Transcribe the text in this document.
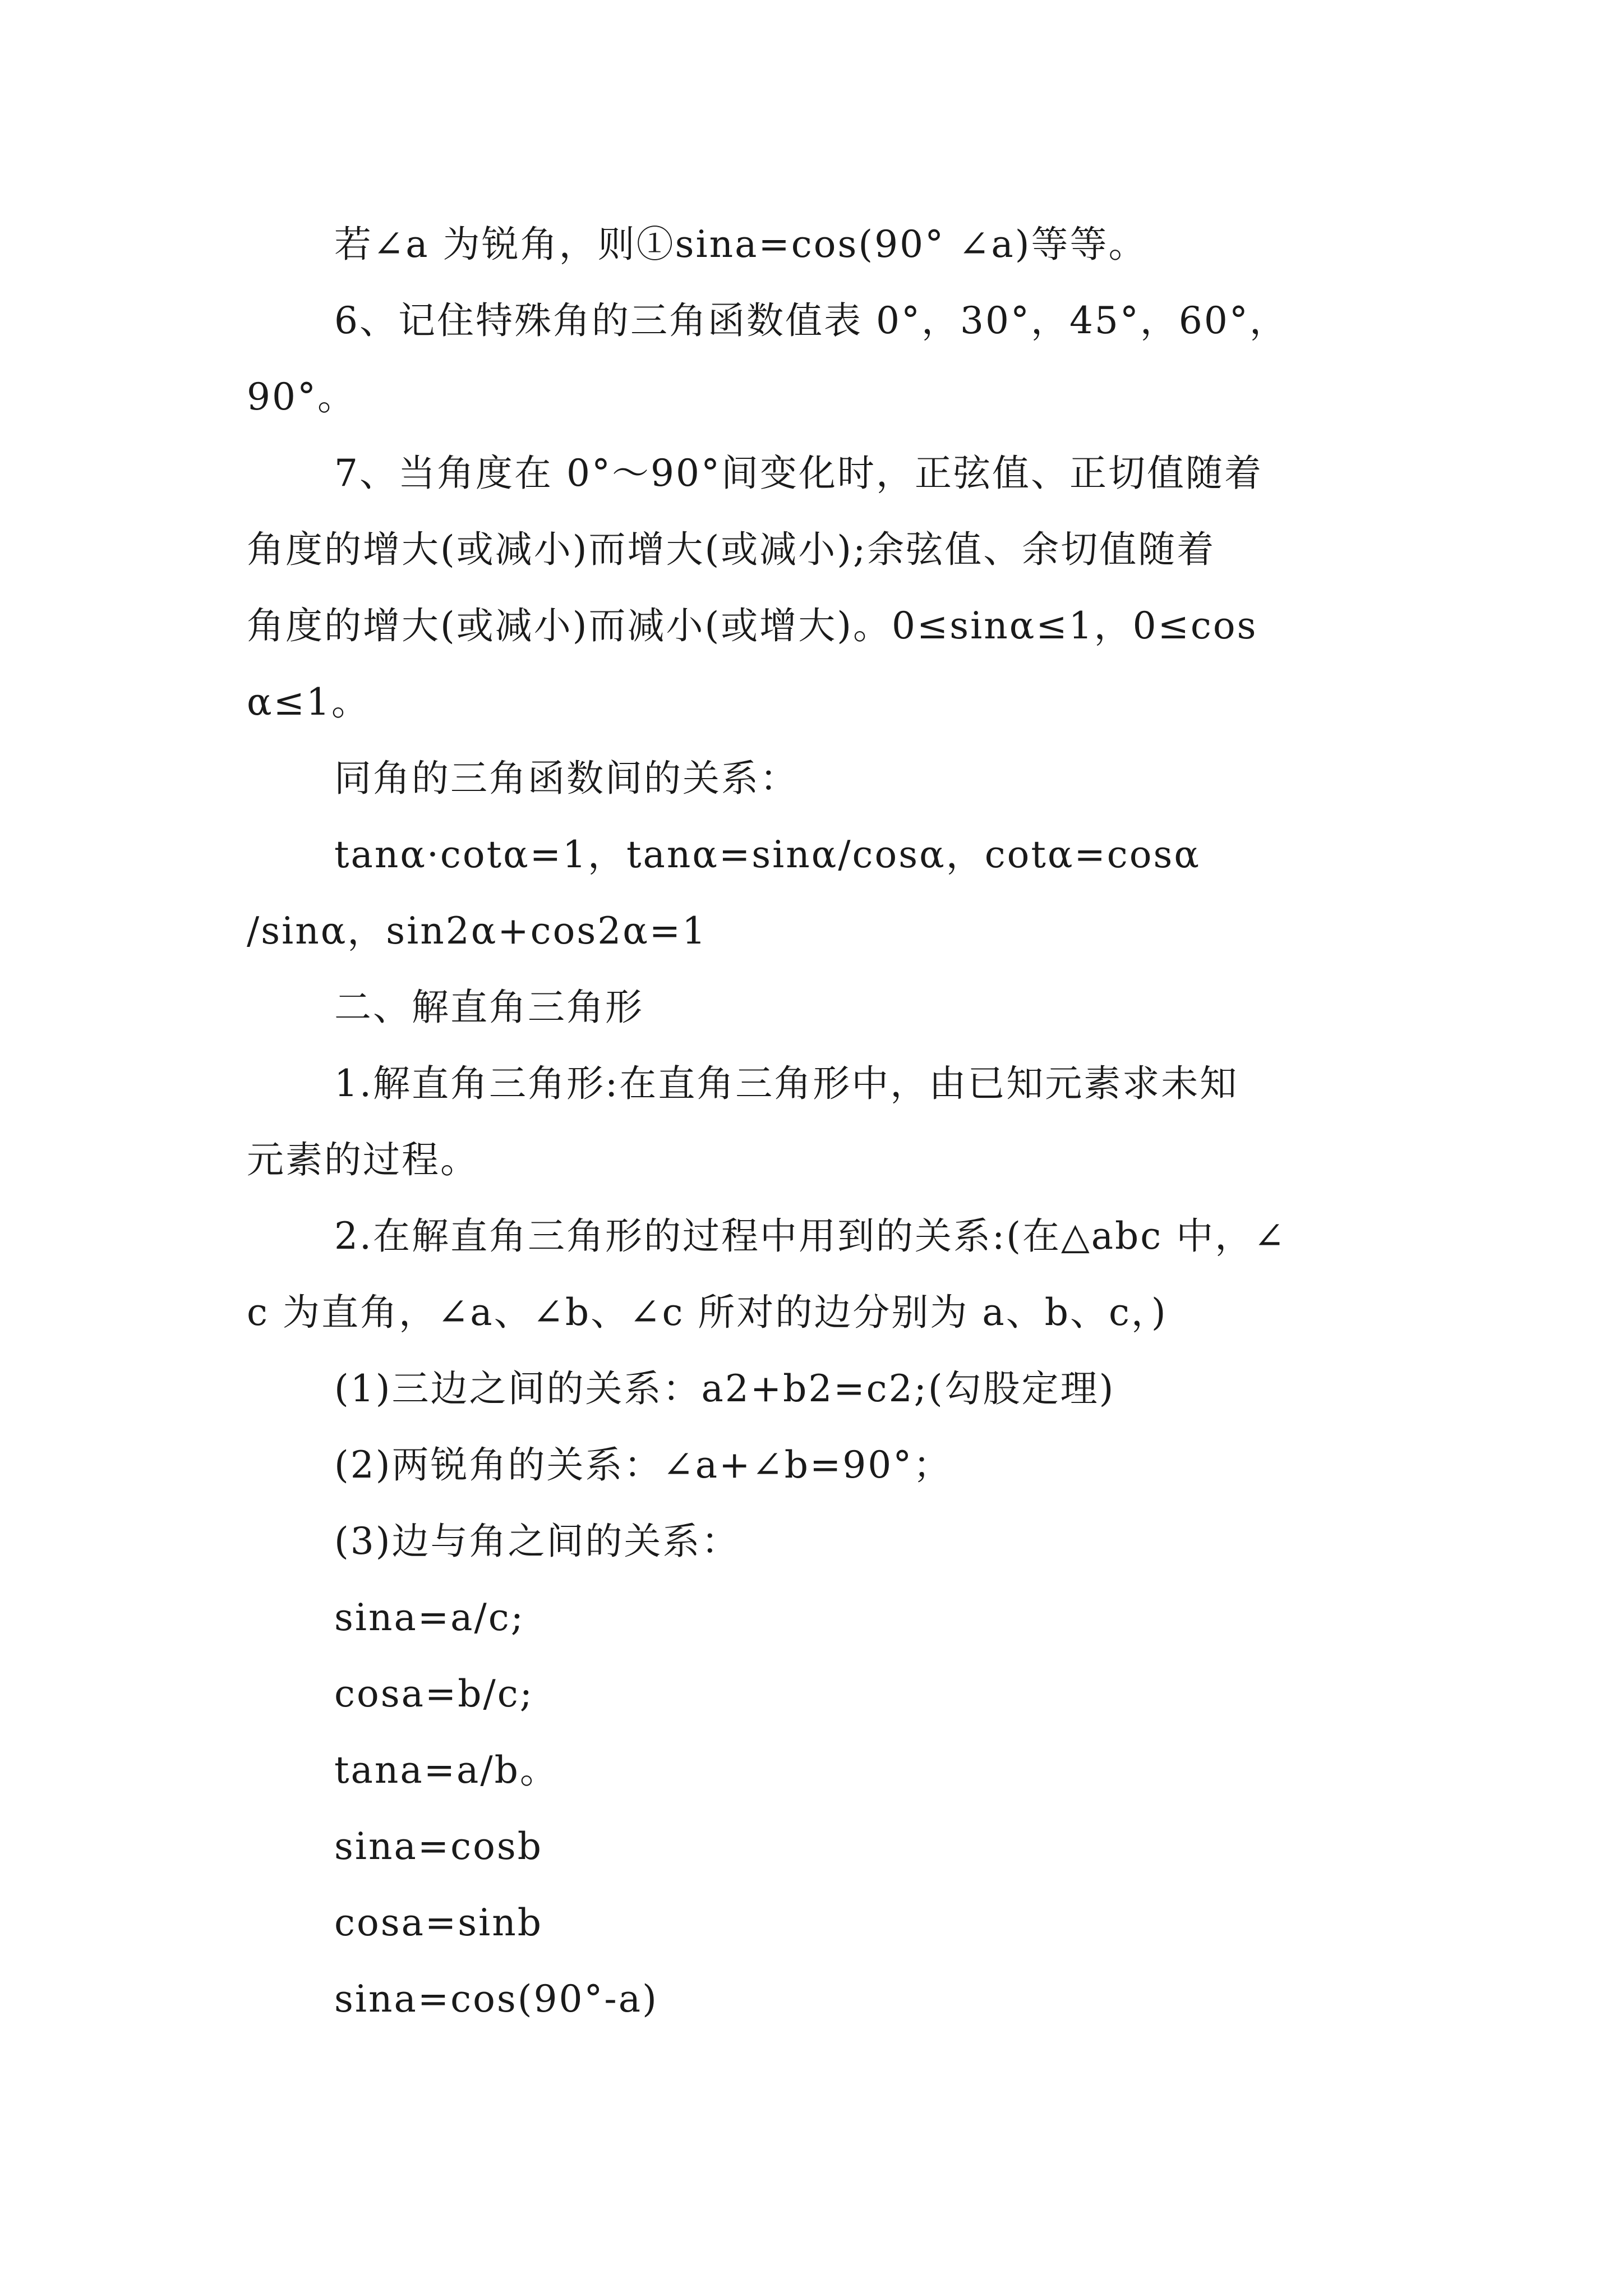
若∠a 为锐角，则①sina=cos(90° ∠a)等等。
6、记住特殊角的三角函数值表 0°，30°，45°，60°，
90°。
7、当角度在 0°～90°间变化时，正弦值、正切值随着
角度的增大(或减小)而增大(或减小);余弦值、余切值随着
角度的增大(或减小)而减小(或增大)。0≤sinα≤1，0≤cos
α≤1。
同角的三角函数间的关系：
tanα·cotα=1，tanα=sinα/cosα，cotα=cosα
/sinα，sin2α+cos2α=1
二、解直角三角形
1.解直角三角形:在直角三角形中，由已知元素求未知
元素的过程。
2.在解直角三角形的过程中用到的关系:(在△abc 中，∠
c 为直角，∠a、∠b、∠c 所对的边分别为 a、b、c，)
(1)三边之间的关系：a2+b2=c2;(勾股定理)
(2)两锐角的关系：∠a+∠b=90°；
(3)边与角之间的关系：
sina=a/c;
cosa=b/c;
tana=a/b。
sina=cosb
cosa=sinb
sina=cos(90°-a)
